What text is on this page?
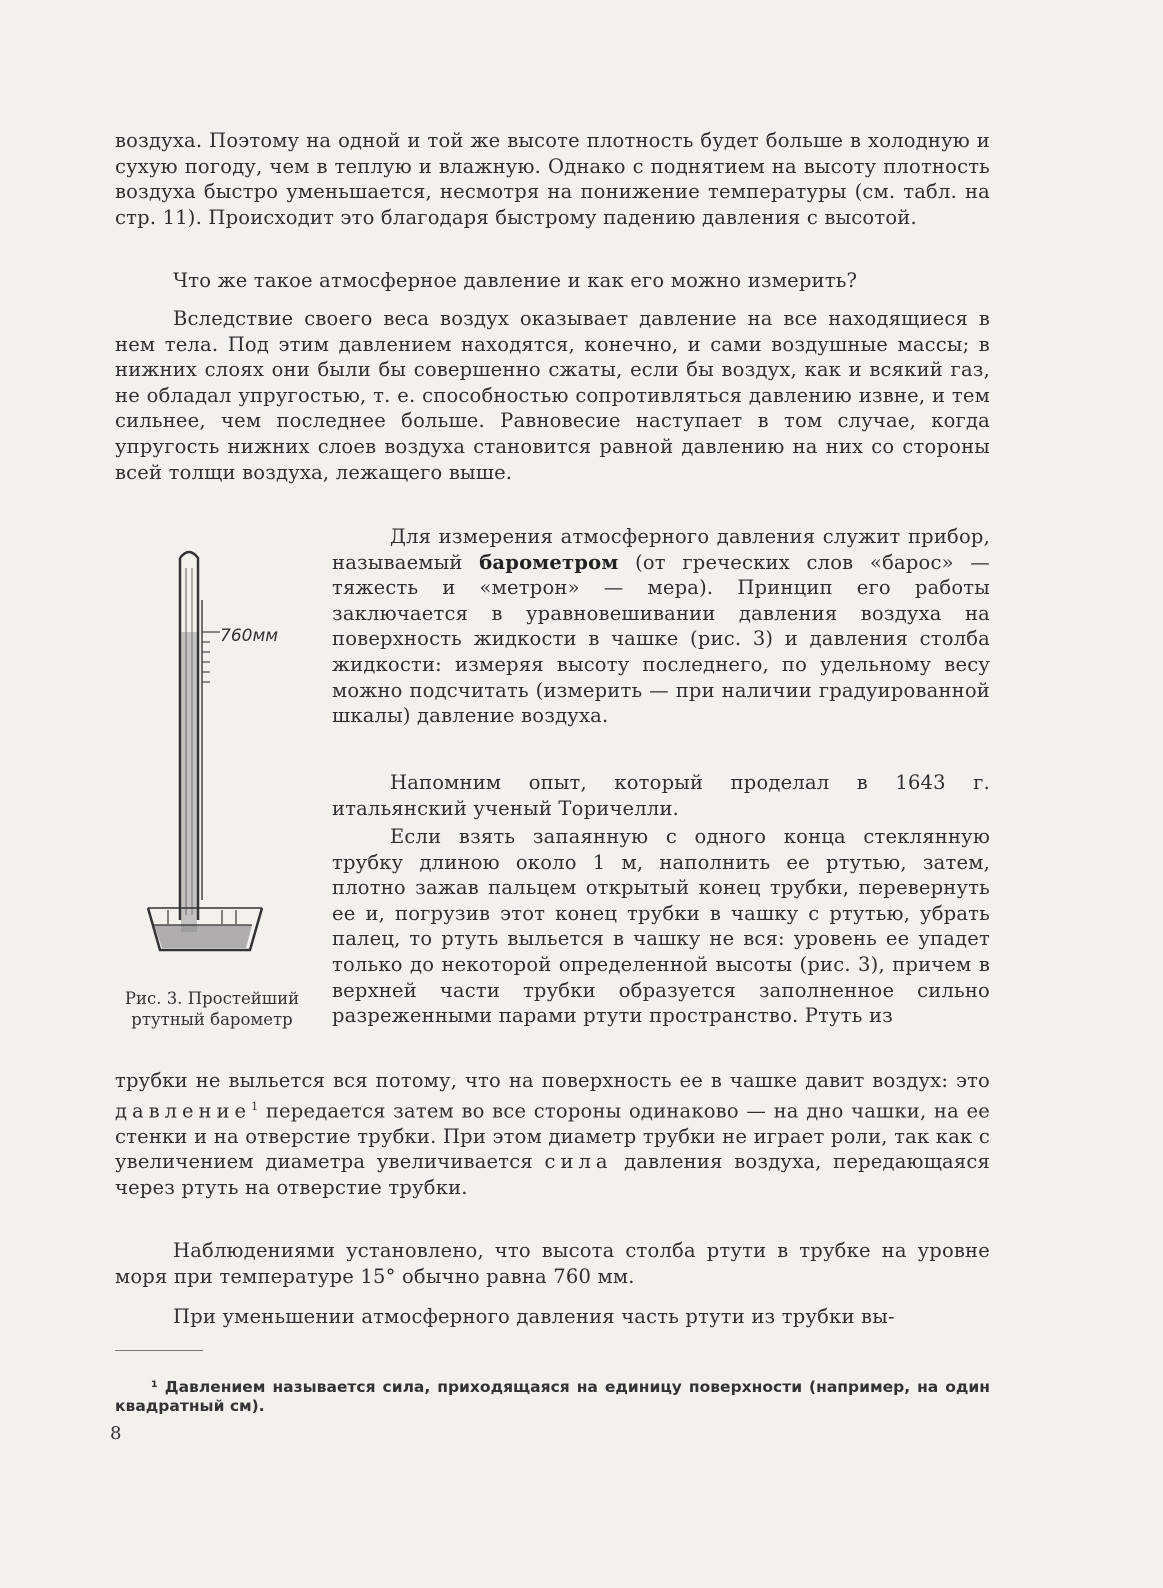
воздуха. Поэтому на одной и той же высоте плотность будет больше в холодную и сухую погоду, чем в теплую и влажную. Однако с поднятием на высоту плотность воздуха быстро уменьшается, несмотря на понижение температуры (см. табл. на стр. 11). Происходит это благодаря быстрому падению давления с высотой.

Что же такое атмосферное давление и как его можно измерить?

Вследствие своего веса воздух оказывает давление на все находящиеся в нем тела. Под этим давлением находятся, конечно, и сами воздушные массы; в нижних слоях они были бы совершенно сжаты, если бы воздух, как и всякий газ, не обладал упругостью, т. е. способностью сопротивляться давлению извне, и тем сильнее, чем последнее больше. Равновесие наступает в том случае, когда упругость нижних слоев воздуха становится равной давлению на них со стороны всей толщи воздуха, лежащего выше.

Для измерения атмосферного давления служит прибор, называемый барометром (от греческих слов «барос» — тяжесть и «метрон» — мера). Принцип его работы заключается в уравновешивании давления воздуха на поверхность жидкости в чашке (рис. 3) и давления столба жидкости: измеряя высоту последнего, по удельному весу можно подсчитать (измерить — при наличии градуированной шкалы) давление воздуха.

Напомним опыт, который проделал в 1643 г. итальянский ученый Торичелли.

Если взять запаянную с одного конца стеклянную трубку длиною около 1 м, наполнить ее ртутью, затем, плотно зажав пальцем открытый конец трубки, перевернуть ее и, погрузив этот конец трубки в чашку с ртутью, убрать палец, то ртуть выльется в чашку не вся: уровень ее упадет только до некоторой определенной высоты (рис. 3), причем в верхней части трубки образуется заполненное сильно разреженными парами ртути пространство. Ртуть из

трубки не выльется вся потому, что на поверхность ее в чашке давит воздух: это давление$^1$ передается затем во все стороны одинаково — на дно чашки, на ее стенки и на отверстие трубки. При этом диаметр трубки не играет роли, так как с увеличением диаметра увеличивается сила давления воздуха, передающаяся через ртуть на отверстие трубки.

Наблюдениями установлено, что высота столба ртути в трубке на уровне моря при температуре 15° обычно равна 760 мм.

При уменьшении атмосферного давления часть ртути из трубки вы-

760мм
Рис. 3. Простейший
ртутный барометр
¹ Давлением называется сила, приходящаяся на единицу поверхности (например, на один квадратный см).
8
